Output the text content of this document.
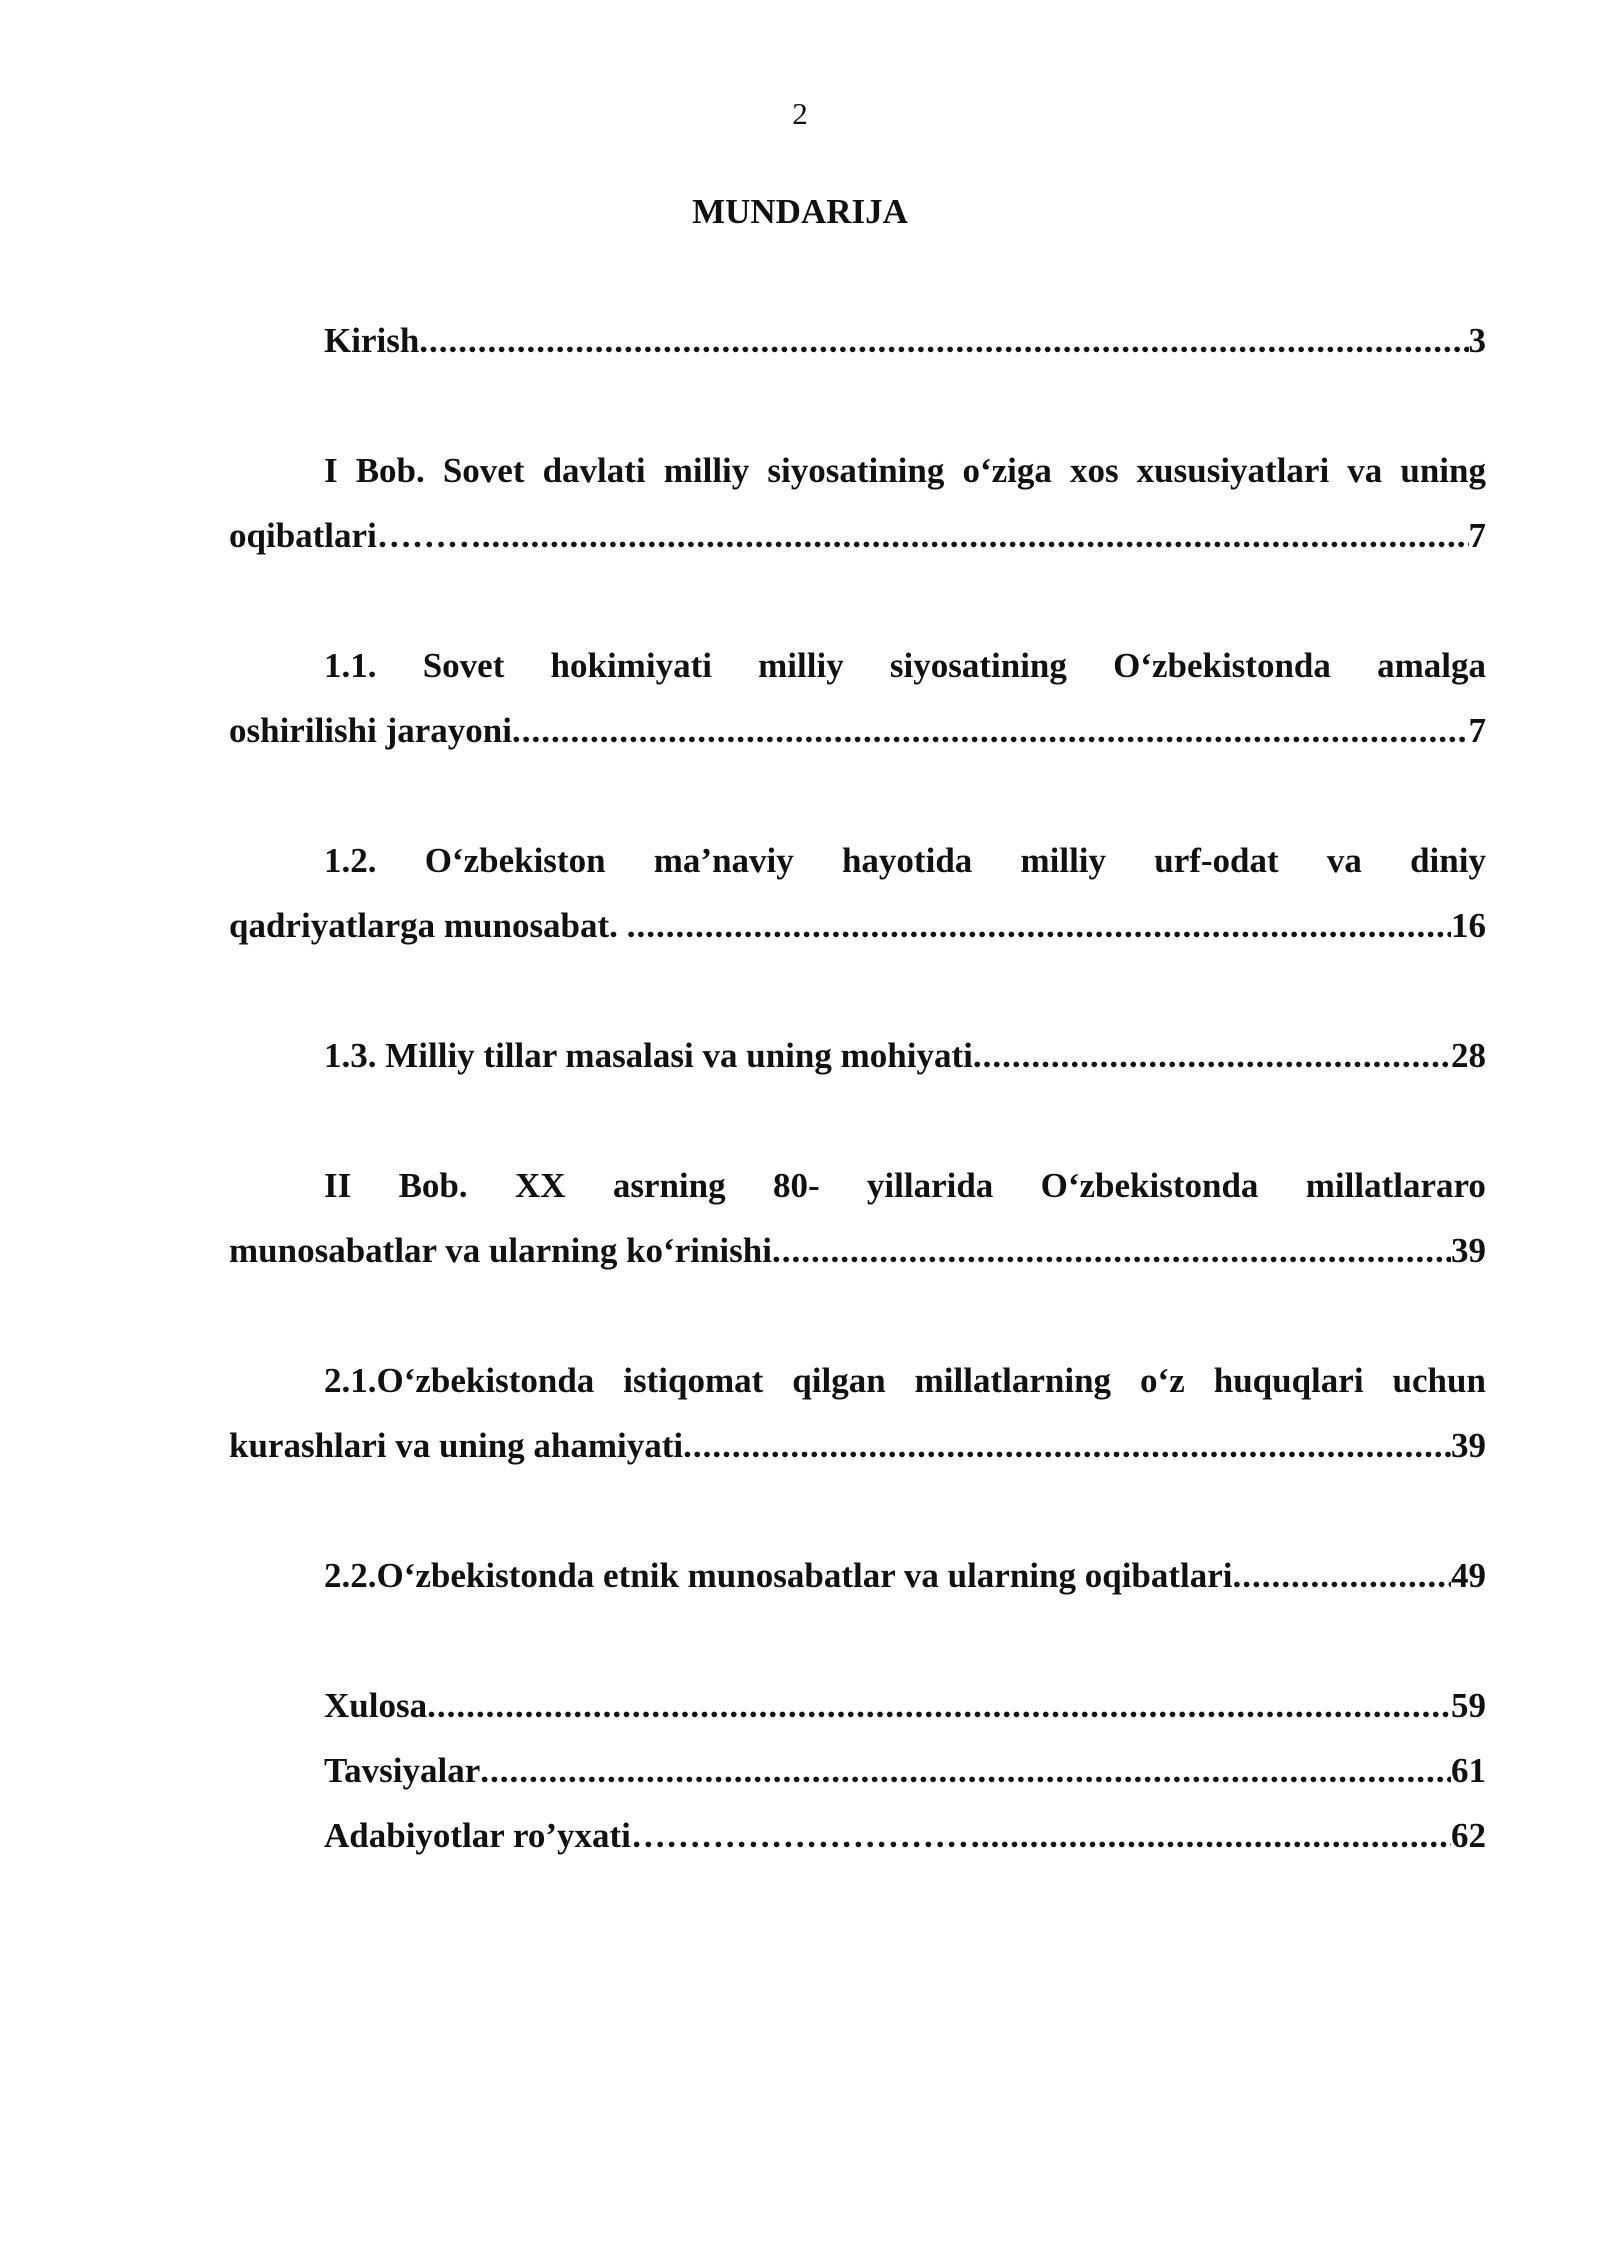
2
MUNDARIJA
Kirish .....	3
I Bob. Sovet davlati milliy siyosatining o‘ziga xos xususiyatlari va uning
oqibatlari ……… .....	7
1.1. Sovet hokimiyati milliy siyosatining O‘zbekistonda amalga
oshirilishi jarayoni .....	7
1.2. O‘zbekiston ma’naviy hayotida milliy urf-odat va diniy
qadriyatlarga munosabat. .....	16
1.3. Milliy tillar masalasi va uning mohiyati .....	28
II Bob. XX asrning 80- yillarida O‘zbekistonda millatlararo
munosabatlar va ularning ko‘rinishi .....	39
2.1.O‘zbekistonda istiqomat qilgan millatlarning o‘z huquqlari uchun
kurashlari va uning ahamiyati .....	39
2.2.O‘zbekistonda etnik munosabatlar va ularning oqibatlari .....	49
Xulosa .....	59
Tavsiyalar .....	61
Adabiyotlar ro’yxati ………………………… .....	62
